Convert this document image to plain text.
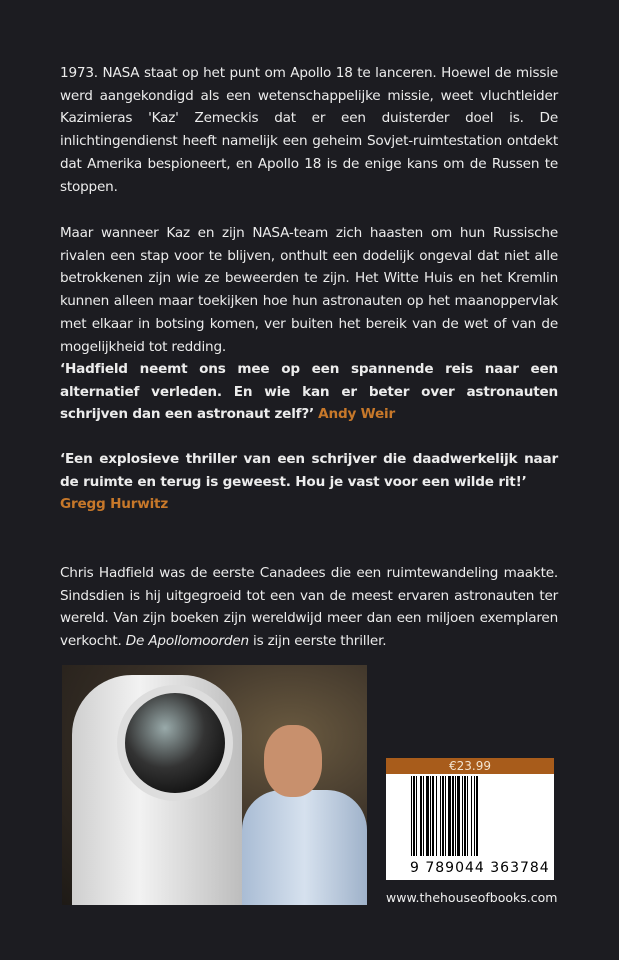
1973. NASA staat op het punt om Apollo 18 te lanceren. Hoewel de missie werd aangekondigd als een wetenschappelijke missie, weet vluchtleider Kazimieras 'Kaz' Zemeckis dat er een duisterder doel is. De inlichtingendienst heeft namelijk een geheim Sovjet-ruimtestation ontdekt dat Amerika bespioneert, en Apollo 18 is de enige kans om de Russen te stoppen.

Maar wanneer Kaz en zijn NASA-team zich haasten om hun Russische rivalen een stap voor te blijven, onthult een dodelijk ongeval dat niet alle betrokkenen zijn wie ze beweerden te zijn. Het Witte Huis en het Kremlin kunnen alleen maar toekijken hoe hun astronauten op het maanoppervlak met elkaar in botsing komen, ver buiten het bereik van de wet of van de mogelijkheid tot redding.

‘Hadfield neemt ons mee op een spannende reis naar een alternatief verleden. En wie kan er beter over astronauten schrijven dan een astronaut zelf?’ Andy Weir

‘Een explosieve thriller van een schrijver die daadwerkelijk naar de ruimte en terug is geweest. Hou je vast voor een wilde rit!’
Gregg Hurwitz

Chris Hadfield was de eerste Canadees die een ruimtewandeling maakte. Sindsdien is hij uitgegroeid tot een van de meest ervaren astronauten ter wereld. Van zijn boeken zijn wereldwijd meer dan een miljoen exemplaren verkocht. De Apollomoorden is zijn eerste thriller.

€23.99
9 789044 363784
www.thehouseofbooks.com
